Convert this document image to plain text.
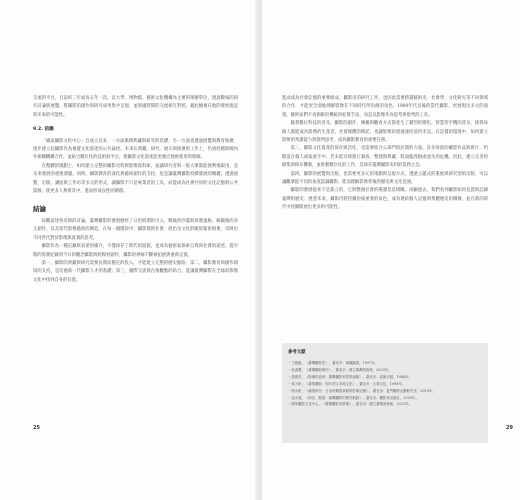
交流的平台，目前約三年或每五年一次，以大學、博物館、藝術文化機構為主要的舉辦單位，透過數場的研究討論與展覽，將攝影的創作與研究成果集中呈現，並與國際間的交流相互對照，藉此檢視在地的發展現況與未來的可能性。

9.2. 前瞻

「國家攝影文化中心」自成立以來，一方面累積典藏與研究的基礎，另一方面也透過展覽與教育推廣，逐步建立起攝影作為視覺文化資產的公共論述。未來在典藏、研究、展示與推廣的工作上，仍須持續與國內外相關機構合作，並結合數位化的技術與平台，使攝影文化資產能更廣泛地被使用與理解。

在整體的規劃上，如何建立完整的攝影史料與影像資料庫，並讓研究者與一般大眾都能便利地取用，是未來發展的重要課題。同時，攝影教育的深化與藝術創作的支持，也是讓臺灣攝影持續發展的關鍵。透過展覽、出版、講座與工作坊等多元的形式，讓攝影不只是專業者的工具，而能成為社會共同的文化記憶與公共資源，使更多人參與其中，進而形成良性的循環。

結論

綜觀前述各章節的討論，臺灣攝影的發展歷經了日治時期的引入、戰後的沙龍與寫實風格、解嚴後的多元創作，以及當代影像藝術的興起。在每一個階段中，攝影都與社會、政治及文化的脈絡緊密相連，反映出不同世代對於影像與真實的思考。

攝影作為一種記錄與表達的媒介，不僅保存了時代的面貌，也成為藝術家探索自我與社會的途徑。從早期的寫實紀錄到今日的觀念攝影與跨媒材創作，攝影的界線不斷被拓展與重新定義。

第一，攝影的典藏與研究需要長期而穩定的投入，才能建立完整的歷史脈絡；第二，攝影教育與創作環境的支持，是培養新一代攝影人才的基礎；第三，國際交流與在地觀點的結合，能讓臺灣攝影在全球的影像文化中找到自身的位置。

25

進而成為社會記憶的重要組成。攝影史的研究工作，也因此需要跨越藝術史、社會學、文化研究等不同領域的合作，才能更全面地理解影像在不同時代所扮演的角色。1980年代以後的當代攝影，更展現出多元的面貌，藝術家們不再侷限於傳統的紀實手法，而是以影像作為思考與批判的工具。

隨著數位科技的普及，攝影的創作、傳播與觀看方式都產生了劇烈的變化。智慧型手機的普及，使得每個人都能成為影像的生產者，社群媒體的興起，也讓影像的流通速度前所未見。在這樣的環境中，如何建立影像的判讀能力與批判思考，成為攝影教育的重要任務。

第三，攝影文化資產的保存與活化，也需要結合公部門與民間的力量。許多珍貴的攝影作品與底片，仍散落在個人或家族手中，若未能及時進行調查、整理與典藏，將面臨毀損或流失的危機。因此，建立完善的徵集與保存機制，並推動數位化的工作，是保存臺灣攝影史料的當務之急。

第四，攝影的展覽與出版，也需要更多元的策劃與呈現方式。透過主題式的策展與研究型的出版，可以讓觀眾從不同的角度認識攝影，進而理解影像背後的歷史與文化意涵。

攝影的發展從來不是孤立的，它與整個社會的變遷息息相關。回顧過去，我們看到攝影如何見證與記錄臺灣的歷史；展望未來，攝影仍將持續扮演重要的角色，成為連結個人記憶與集體歷史的橋樑，並在新的時代中持續開展出更多的可能性。

參考文獻
・王雅倫，《臺灣攝影史》，臺北市：雄獅圖書，1997年。
・吳嘉寶，《臺灣攝影簡史》，臺北市：國立臺灣美術館，2003年。
・張照堂，《影像的追尋：臺灣攝影家寫實風貌》，臺北市：遠流出版，1988年。
・郭力昕，《書寫攝影：相片的文本與文化》，臺北市：元尊文化，1998年。
・簡永彬，《凝視時代：日治時期寫真館的影像記憶》，臺北市：夏門攝影企劃研究室，2010年。
・蕭永盛，《時光．點描：臺灣攝影的歷史軌跡》，臺北市：攝影家出版社，2005年。
・國家攝影文化中心，《臺灣攝影家群像》，臺北市：國立臺灣美術館，2021年。
29
